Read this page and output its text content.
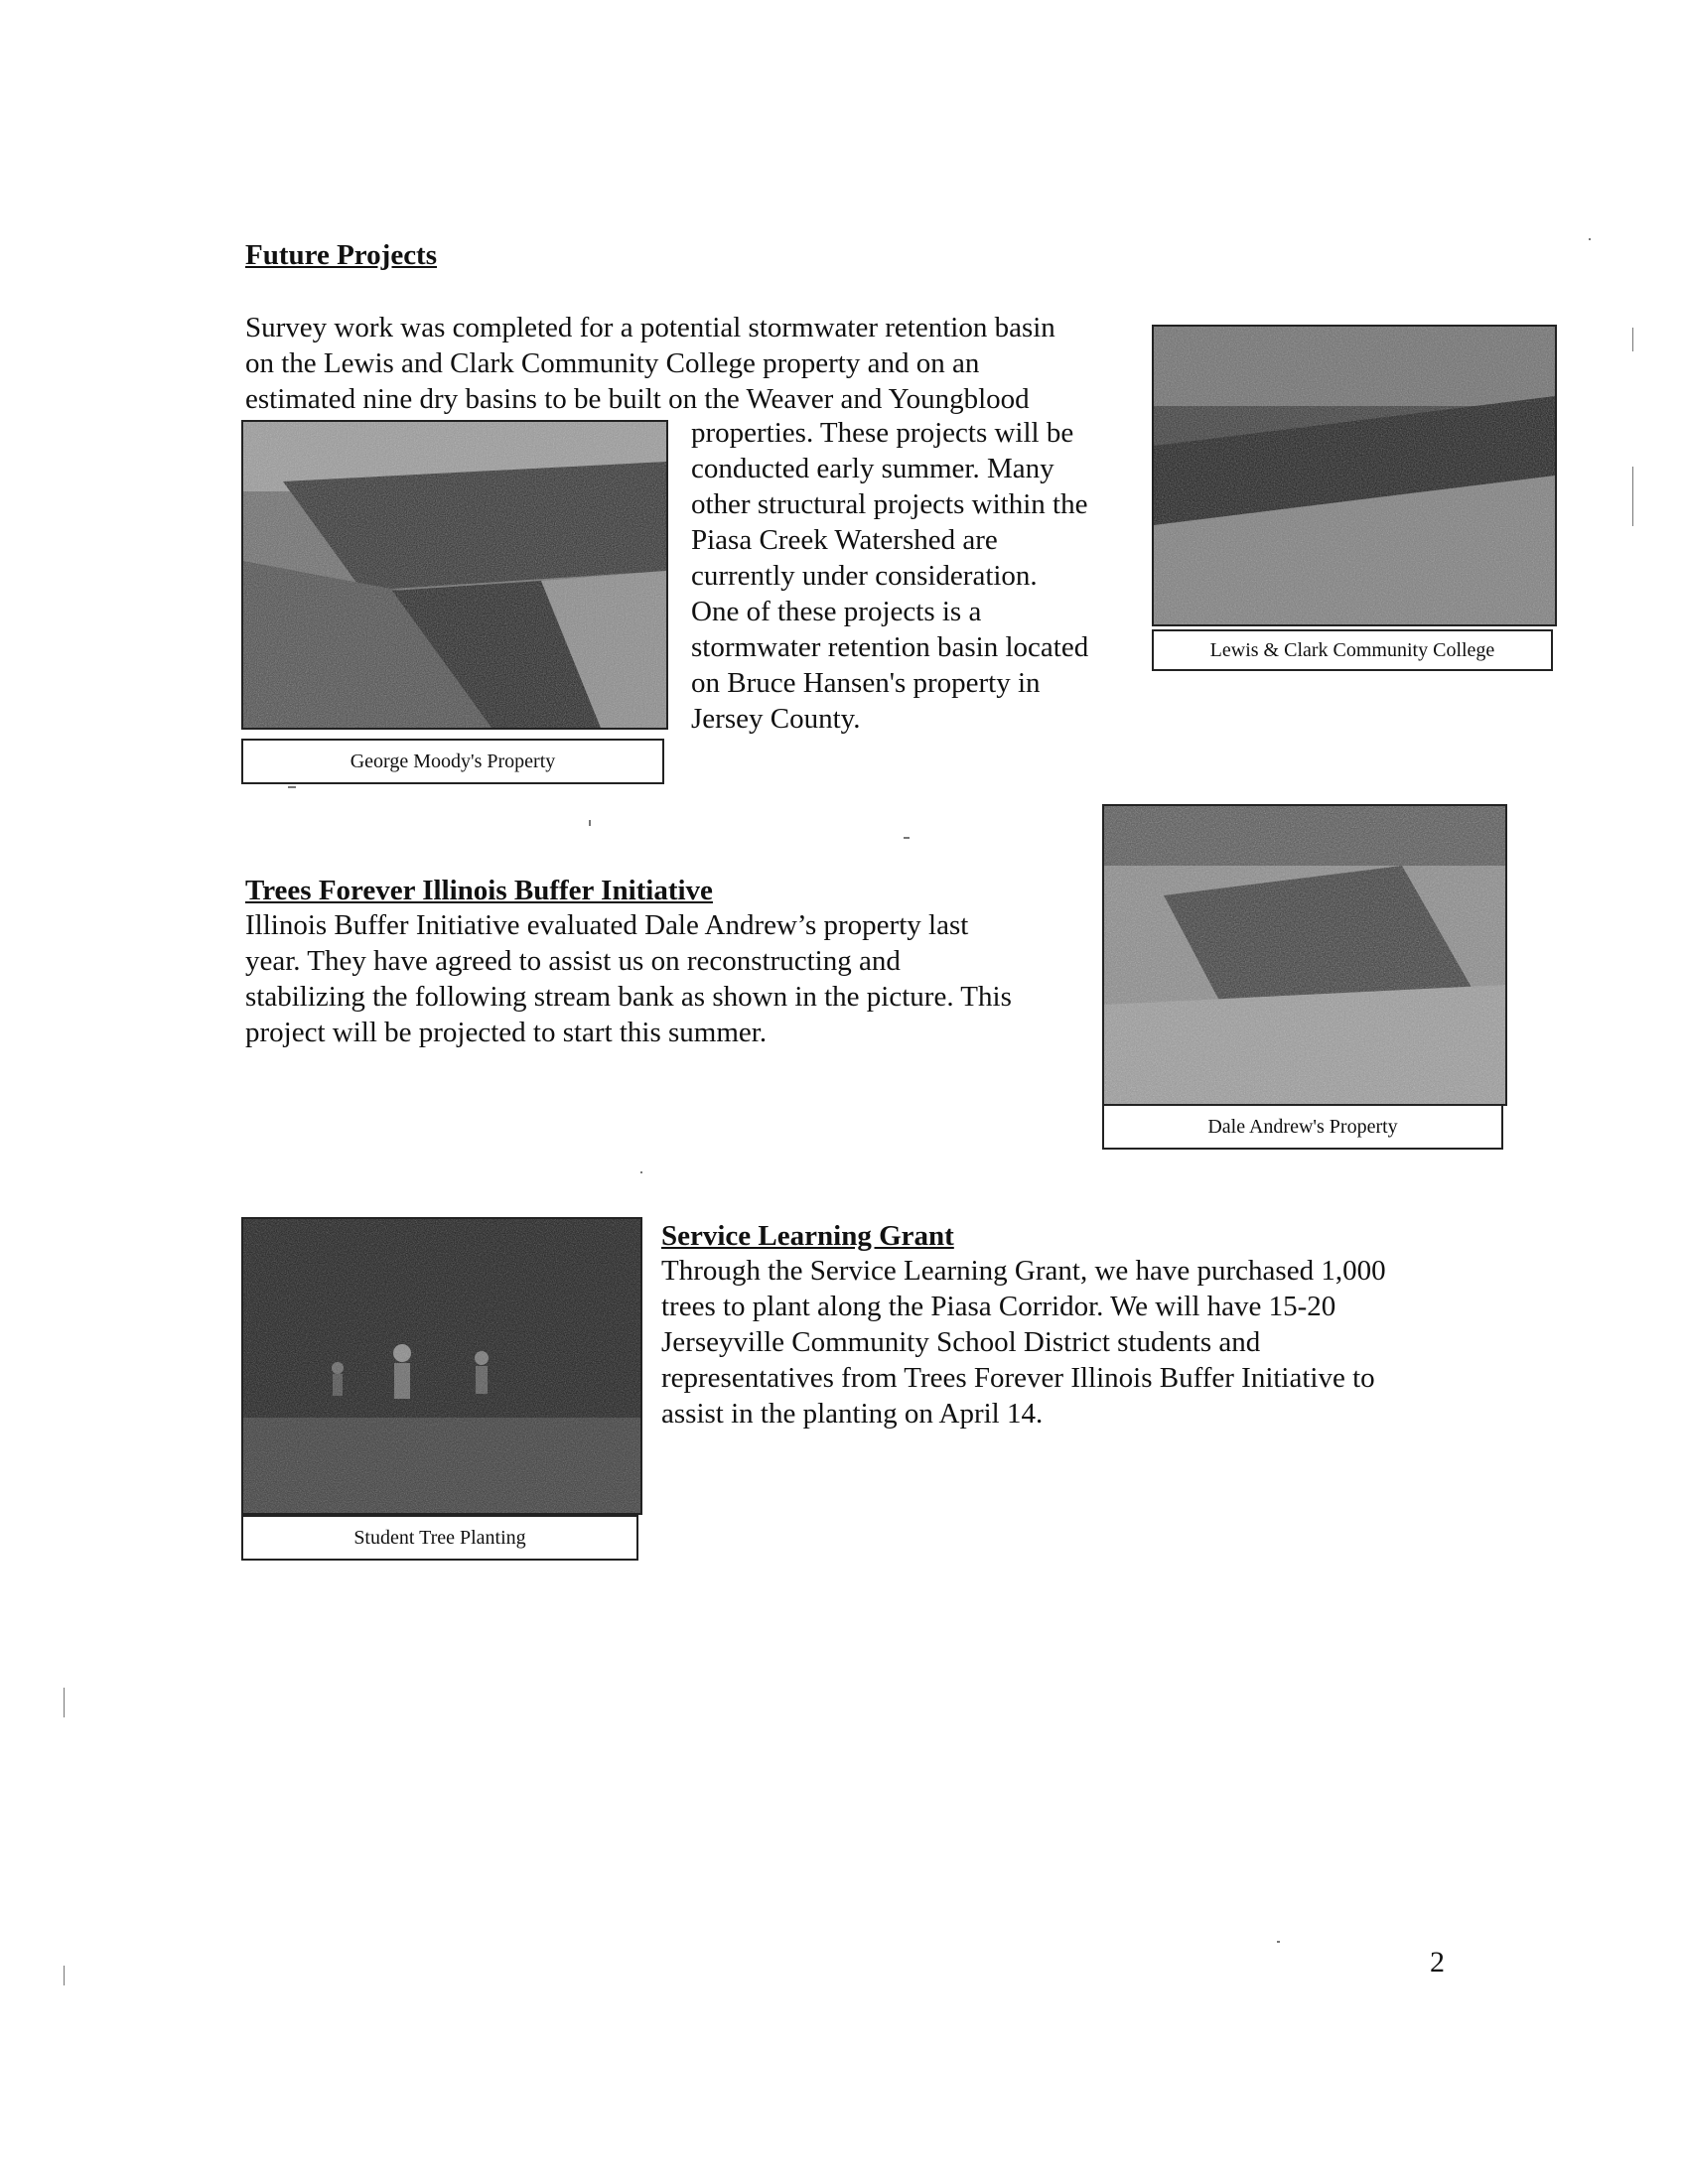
Future Projects
Survey work was completed for a potential stormwater retention basin
on the Lewis and Clark Community College property and on an
estimated nine dry basins to be built on the Weaver and Youngblood
properties. These projects will be
conducted early summer. Many
other structural projects within the
Piasa Creek Watershed are
currently under consideration.
One of these projects is a
stormwater retention basin located
on Bruce Hansen's property in
Jersey County.
George Moody's Property
Lewis & Clark Community College
Trees Forever Illinois Buffer Initiative
Illinois Buffer Initiative evaluated Dale Andrew’s property last
year. They have agreed to assist us on reconstructing and
stabilizing the following stream bank as shown in the picture. This
project will be projected to start this summer.
Dale Andrew's Property
Service Learning Grant
Through the Service Learning Grant, we have purchased 1,000
trees to plant along the Piasa Corridor. We will have 15-20
Jerseyville Community School District students and
representatives from Trees Forever Illinois Buffer Initiative to
assist in the planting on April 14.
Student Tree Planting
2
